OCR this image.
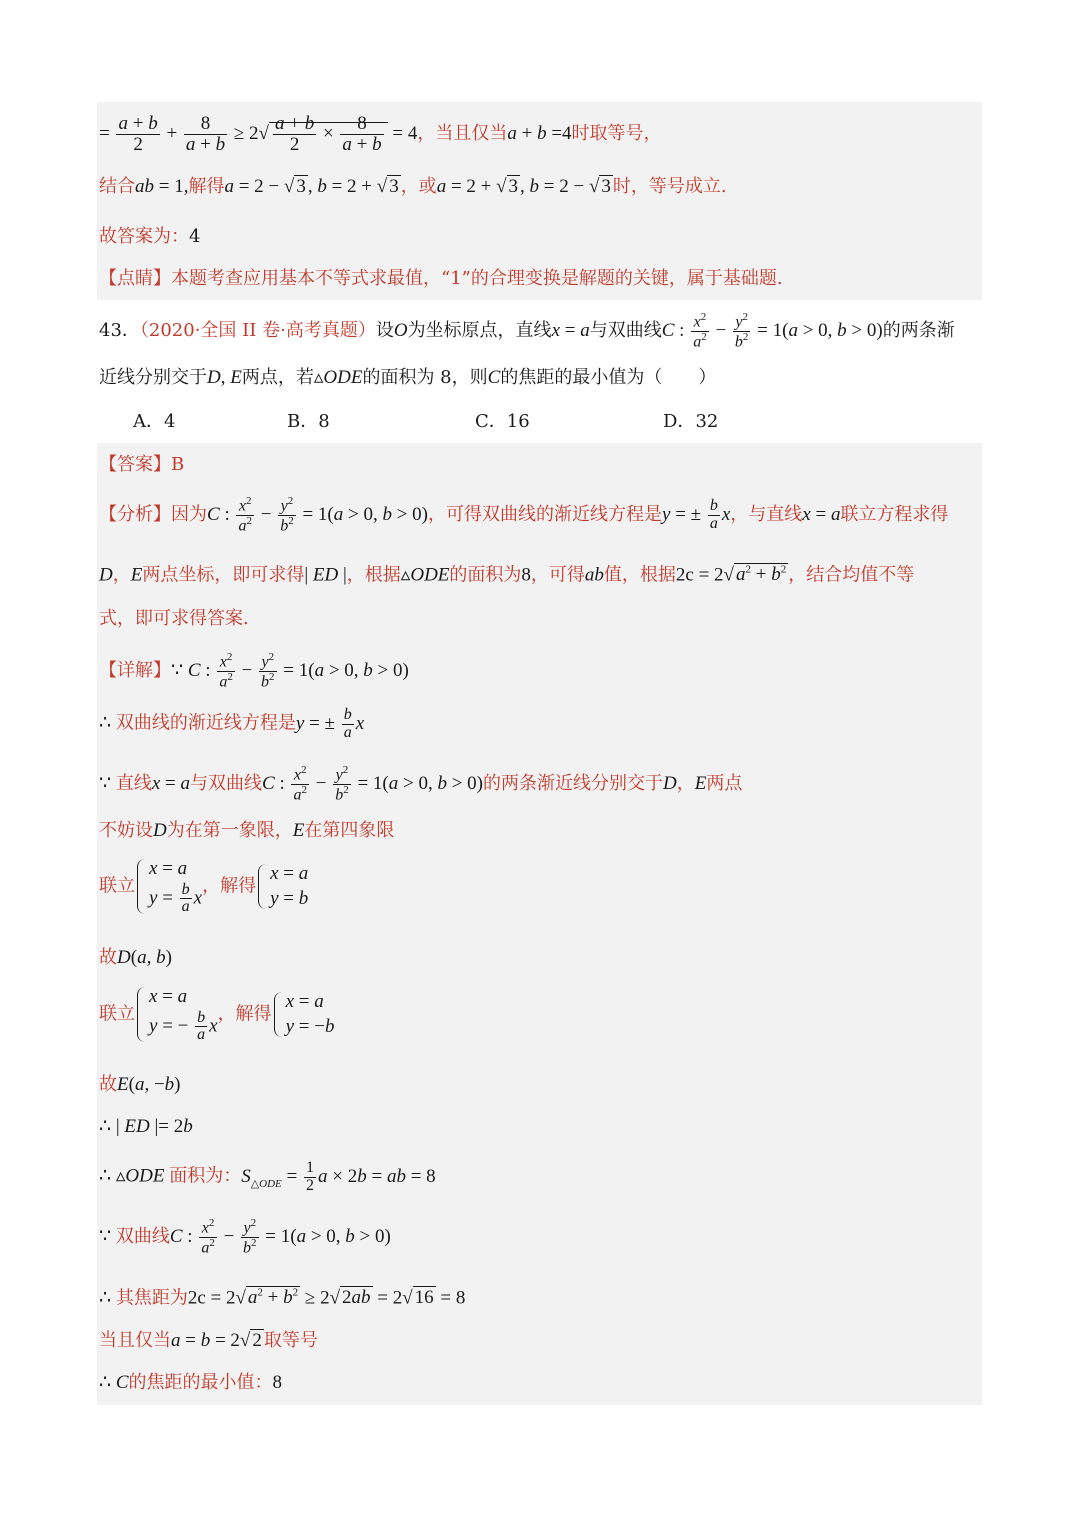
= $\frac{a + b}{2} + \frac{8}{a + b} \ge 2√ \frac{a + b}{2} \times \frac{8}{a + b} = 4$，当且仅当a + b =4时取等号，
结合ab = 1,解得a = 2 − √ 3 , b = 2 + √ 3 ，或a = 2 + √ 3 , b = 2 − √ 3 时，等号成立.
故答案为：4
【点睛】本题考查应用基本不等式求最值，“1”的合理变换是解题的关键，属于基础题.
43．（2020·全国 II 卷·高考真题）设O为坐标原点，直线x = a与双曲线C : $\frac{x^2}{a^2} - \frac{y^2}{b^2} = 1(a > 0$, b > 0)的两条渐
近线分别交于D, E两点，若▵ODE的面积为 8，则C的焦距的最小值为（　　）
A．4	B．8	C．16	D．32
【答案】B
【分析】因为C : $\frac{x^2}{a^2} - \frac{y^2}{b^2} = 1(a > 0$, b > 0)，可得双曲线的渐近线方程是y = ± $\frac{b}{a}$ x，与直线x = a联立方程求得
D，E两点坐标，即可求得| ED |，根据▵ODE的面积为8，可得ab值，根据2c = 2√ $a^2 + b^2$ ，结合均值不等
式，即可求得答案.
【详解】∵ C : $\frac{x^2}{a^2} - \frac{y^2}{b^2} = 1(a > 0$, b > 0)
∴ 双曲线的渐近线方程是y = ± $\frac{b}{a}$ x
∵ 直线x = a与双曲线C : $\frac{x^2}{a^2} - \frac{y^2}{b^2} = 1(a > 0$, b > 0)的两条渐近线分别交于D，E两点
不妨设D为在第一象限，E在第四象限
联立
x = a
$y = \frac{b}{a}$ x
，解得
x = a
y = b
故D(a, b)
联立
x = a
y = − $\frac{b}{a}$ x
，解得
x = a
y = −b
故E(a, −b)
∴ | ED |= 2b
∴ ▵ODE 面积为：$S_{\triangle ODE} = \frac{1}{2}$ a × 2b = ab = 8
∵ 双曲线C : $\frac{x^2}{a^2} - \frac{y^2}{b^2} = 1(a > 0$, b > 0)
∴ 其焦距为2c = 2√ $a^2 + b^2 \ge 2√$ 2ab = 2√ 16 = 8
当且仅当a = b = 2√ 2 取等号
∴ C的焦距的最小值：8
